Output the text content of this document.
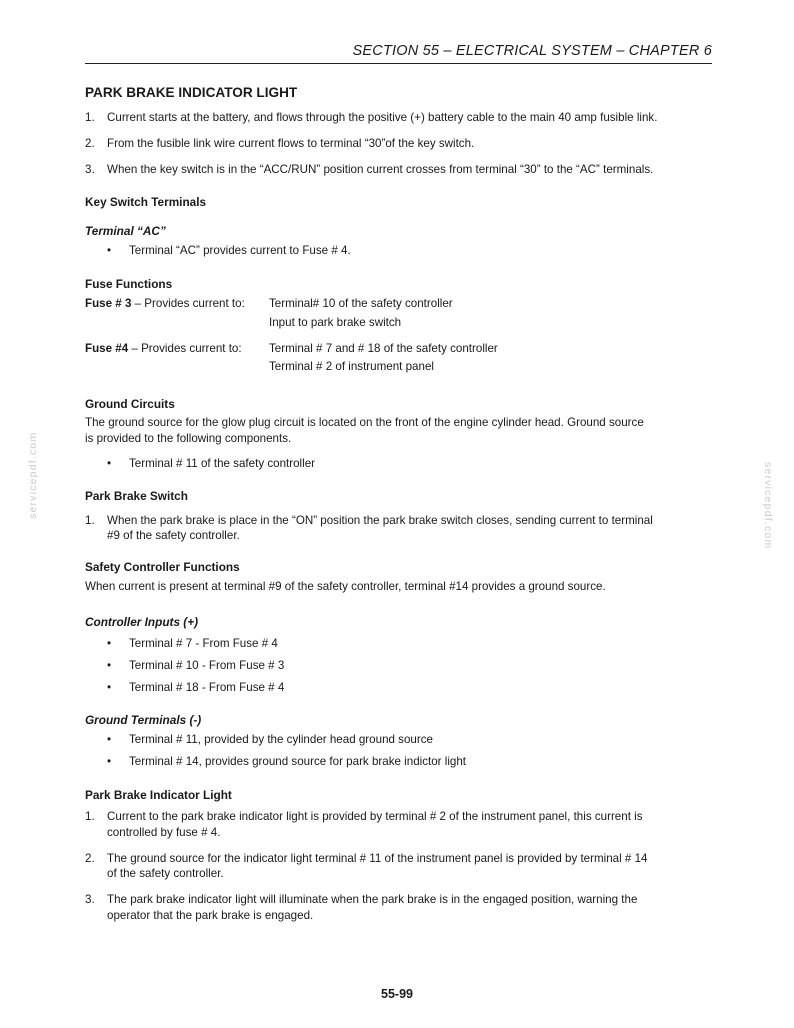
SECTION 55 – ELECTRICAL SYSTEM – CHAPTER 6
servicepdf.com	servicepdf.com
PARK BRAKE INDICATOR LIGHT
1. Current starts at the battery, and flows through the positive (+) battery cable to the main 40 amp fusible link.
2. From the fusible link wire current flows to terminal “30”of the key switch.
3. When the key switch is in the “ACC/RUN” position current crosses from terminal “30” to the “AC” terminals.
Key Switch Terminals
Terminal “AC”
• Terminal “AC” provides current to Fuse # 4.
Fuse Functions
Fuse # 3 – Provides current to: Terminal# 10 of the safety controller
Input to park brake switch
Fuse #4 – Provides current to: Terminal # 7 and # 18 of the safety controller
Terminal # 2 of instrument panel
Ground Circuits
The ground source for the glow plug circuit is located on the front of the engine cylinder head. Ground source
is provided to the following components.
• Terminal # 11 of the safety controller
Park Brake Switch
1. When the park brake is place in the “ON” position the park brake switch closes, sending current to terminal
#9 of the safety controller.
Safety Controller Functions
When current is present at terminal #9 of the safety controller, terminal #14 provides a ground source.
Controller Inputs (+)
• Terminal # 7 - From Fuse # 4
• Terminal # 10 - From Fuse # 3
• Terminal # 18 - From Fuse # 4
Ground Terminals (-)
• Terminal # 11, provided by the cylinder head ground source
• Terminal # 14, provides ground source for park brake indictor light
Park Brake Indicator Light
1. Current to the park brake indicator light is provided by terminal # 2 of the instrument panel, this current is
controlled by fuse # 4.
2. The ground source for the indicator light terminal # 11 of the instrument panel is provided by terminal # 14
of the safety controller.
3. The park brake indicator light will illuminate when the park brake is in the engaged position, warning the
operator that the park brake is engaged.
55-99
